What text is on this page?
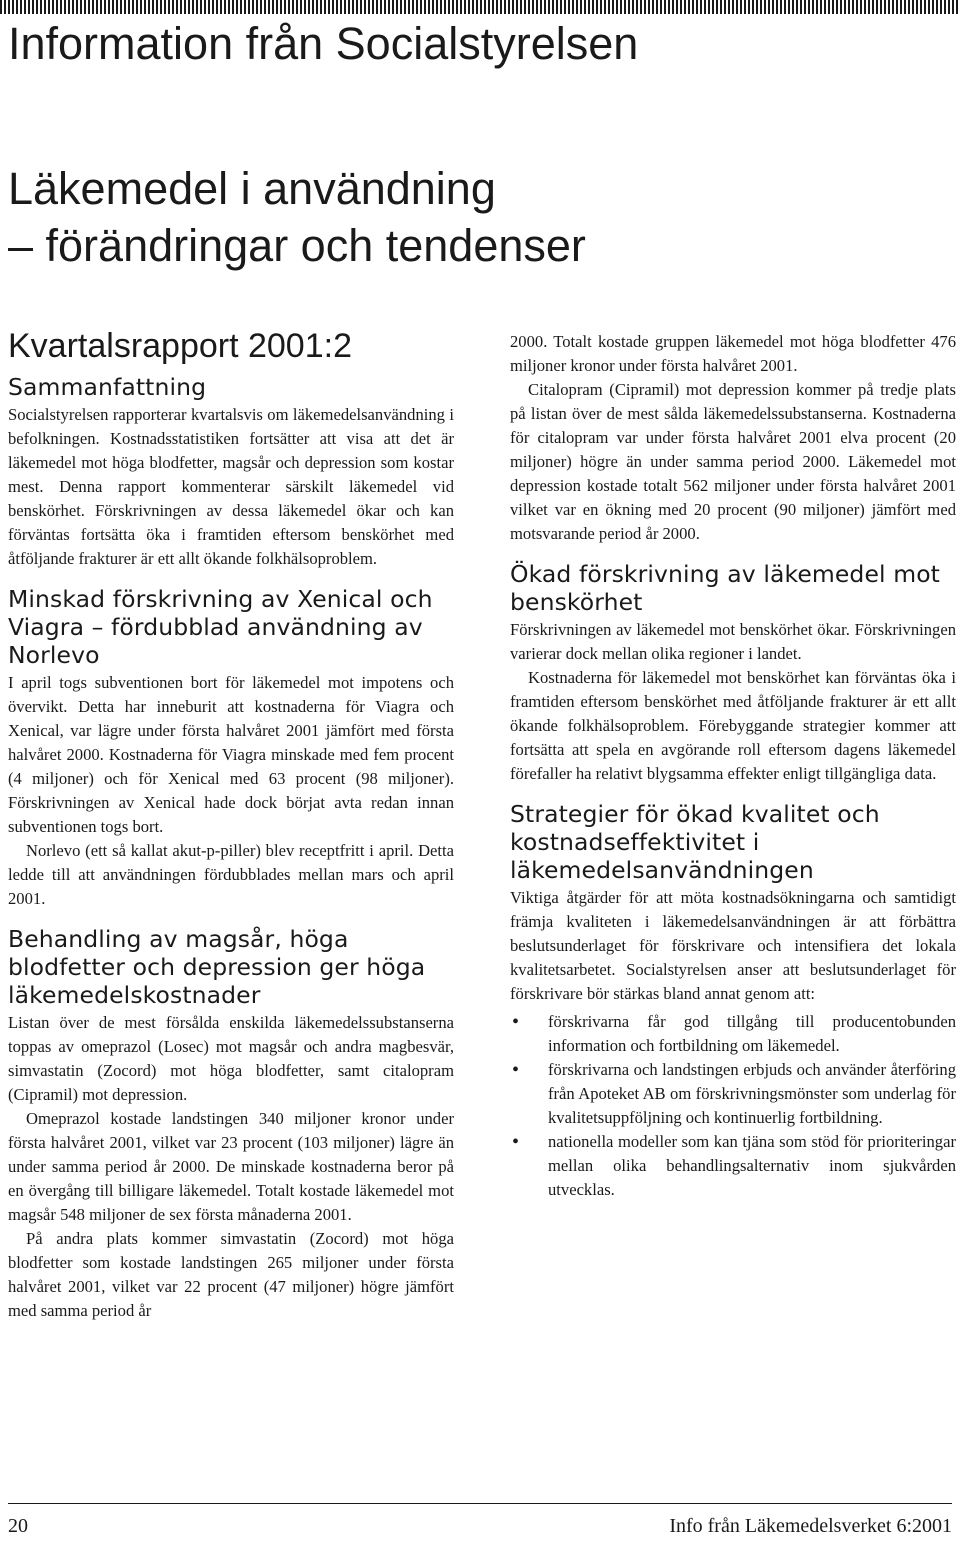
Information från Socialstyrelsen
Läkemedel i användning
– förändringar och tendenser
Kvartalsrapport 2001:2
Sammanfattning

Socialstyrelsen rapporterar kvartalsvis om läkemedelsanvändning i befolkningen. Kostnadsstatistiken fortsätter att visa att det är läkemedel mot höga blodfetter, magsår och depression som kostar mest. Denna rapport kommenterar särskilt läkemedel vid benskörhet. Förskrivningen av dessa läkemedel ökar och kan förväntas fortsätta öka i framtiden eftersom benskörhet med åtföljande frakturer är ett allt ökande folkhälsoproblem.

Minskad förskrivning av Xenical och Viagra – fördubblad användning av Norlevo

I april togs subventionen bort för läkemedel mot impotens och övervikt. Detta har inneburit att kostnaderna för Viagra och Xenical, var lägre under första halvåret 2001 jämfört med första halvåret 2000. Kostnaderna för Viagra minskade med fem procent (4 miljoner) och för Xenical med 63 procent (98 miljoner). Förskrivningen av Xenical hade dock börjat avta redan innan subventionen togs bort.

Norlevo (ett så kallat akut-p-piller) blev receptfritt i april. Detta ledde till att användningen fördubblades mellan mars och april 2001.

Behandling av magsår, höga blodfetter och depression ger höga läkemedelskostnader

Listan över de mest försålda enskilda läkemedelssubstanserna toppas av omeprazol (Losec) mot magsår och andra magbesvär, simvastatin (Zocord) mot höga blodfetter, samt citalopram (Cipramil) mot depression.

Omeprazol kostade landstingen 340 miljoner kronor under första halvåret 2001, vilket var 23 procent (103 miljoner) lägre än under samma period år 2000. De minskade kostnaderna beror på en övergång till billigare läkemedel. Totalt kostade läkemedel mot magsår 548 miljoner de sex första månaderna 2001.

På andra plats kommer simvastatin (Zocord) mot höga blodfetter som kostade landstingen 265 miljoner under första halvåret 2001, vilket var 22 procent (47 miljoner) högre jämfört med samma period år

2000. Totalt kostade gruppen läkemedel mot höga blodfetter 476 miljoner kronor under första halvåret 2001.

Citalopram (Cipramil) mot depression kommer på tredje plats på listan över de mest sålda läkemedelssubstanserna. Kostnaderna för citalopram var under första halvåret 2001 elva procent (20 miljoner) högre än under samma period 2000. Läkemedel mot depression kostade totalt 562 miljoner under första halvåret 2001 vilket var en ökning med 20 procent (90 miljoner) jämfört med motsvarande period år 2000.

Ökad förskrivning av läkemedel mot benskörhet

Förskrivningen av läkemedel mot benskörhet ökar. Förskrivningen varierar dock mellan olika regioner i landet.

Kostnaderna för läkemedel mot benskörhet kan förväntas öka i framtiden eftersom benskörhet med åtföljande frakturer är ett allt ökande folkhälsoproblem. Förebyggande strategier kommer att fortsätta att spela en avgörande roll eftersom dagens läkemedel förefaller ha relativt blygsamma effekter enligt tillgängliga data.

Strategier för ökad kvalitet och kostnadseffektivitet i läkemedelsanvändningen

Viktiga åtgärder för att möta kostnadsökningarna och samtidigt främja kvaliteten i läkemedelsanvändningen är att förbättra beslutsunderlaget för förskrivare och intensifiera det lokala kvalitetsarbetet. Socialstyrelsen anser att beslutsunderlaget för förskrivare bör stärkas bland annat genom att:

• förskrivarna får god tillgång till producentobunden information och fortbildning om läkemedel.
• förskrivarna och landstingen erbjuds och använder återföring från Apoteket AB om förskrivningsmönster som underlag för kvalitetsuppföljning och kontinuerlig fortbildning.
• nationella modeller som kan tjäna som stöd för prioriteringar mellan olika behandlingsalternativ inom sjukvården utvecklas.
20	Info från Läkemedelsverket 6:2001
